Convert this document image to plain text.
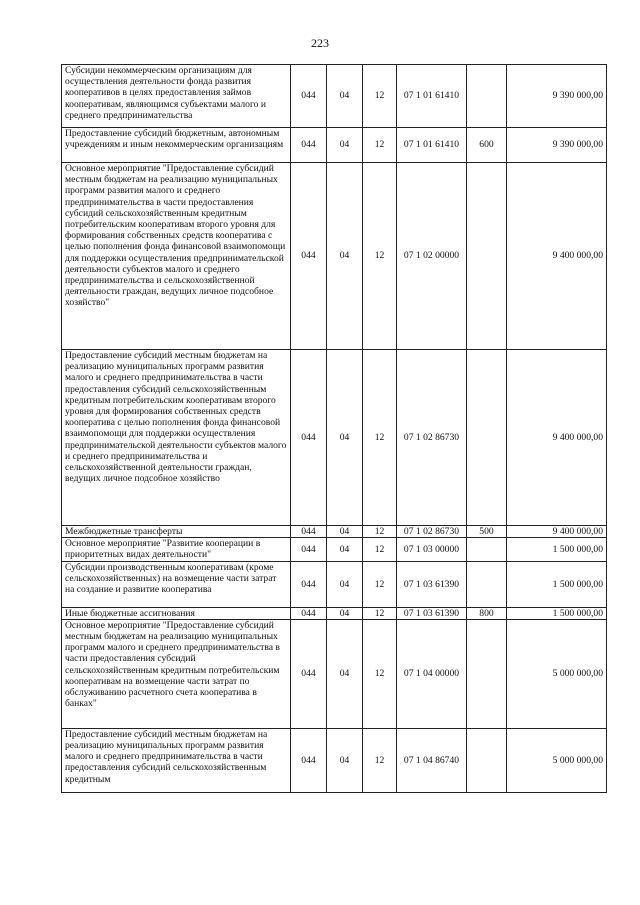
223
Субсидии некоммерческим организациям для осуществления деятельности фонда развития кооперативов в целях предоставления займов кооперативам, являющимся субъектами малого и среднего предпринимательства	044	04	12	07 1 01 61410		9 390 000,00
Предоставление субсидий бюджетным, автономным учреждениям и иным некоммерческим организациям	044	04	12	07 1 01 61410	600	9 390 000,00
Основное мероприятие "Предоставление субсидий местным бюджетам на реализацию муниципальных программ развития малого и среднего предпринимательства в части предоставления субсидий сельскохозяйственным кредитным потребительским кооперативам второго уровня для формирования собственных средств кооператива с целью пополнения фонда финансовой взаимопомощи для поддержки осуществления предпринимательской деятельности субъектов малого и среднего предпринимательства и сельскохозяйственной деятельности граждан, ведущих личное подсобное хозяйство"	044	04	12	07 1 02 00000		9 400 000,00
Предоставление субсидий местным бюджетам на реализацию муниципальных программ развития малого и среднего предпринимательства в части предоставления субсидий сельскохозяйственным кредитным потребительским кооперативам второго уровня для формирования собственных средств кооператива с целью пополнения фонда финансовой взаимопомощи для поддержки осуществления предпринимательской деятельности субъектов малого и среднего предпринимательства и сельскохозяйственной деятельности граждан, ведущих личное подсобное хозяйство	044	04	12	07 1 02 86730		9 400 000,00
Межбюджетные трансферты	044	04	12	07 1 02 86730	500	9 400 000,00
Основное мероприятие "Развитие кооперации в приоритетных видах деятельности"	044	04	12	07 1 03 00000		1 500 000,00
Субсидии производственным кооперативам (кроме сельскохозяйственных) на возмещение части затрат на создание и развитие кооператива	044	04	12	07 1 03 61390		1 500 000,00
Иные бюджетные ассигнования	044	04	12	07 1 03 61390	800	1 500 000,00
Основное мероприятие "Предоставление субсидий местным бюджетам на реализацию муниципальных программ малого и среднего предпринимательства в части предоставления субсидий сельскохозяйственным кредитным потребительским кооперативам на возмещение части затрат по обслуживанию расчетного счета кооператива в банках"	044	04	12	07 1 04 00000		5 000 000,00
Предоставление субсидий местным бюджетам на реализацию муниципальных программ развития малого и среднего предпринимательства в части предоставления субсидий сельскохозяйственным кредитным	044	04	12	07 1 04 86740		5 000 000,00
